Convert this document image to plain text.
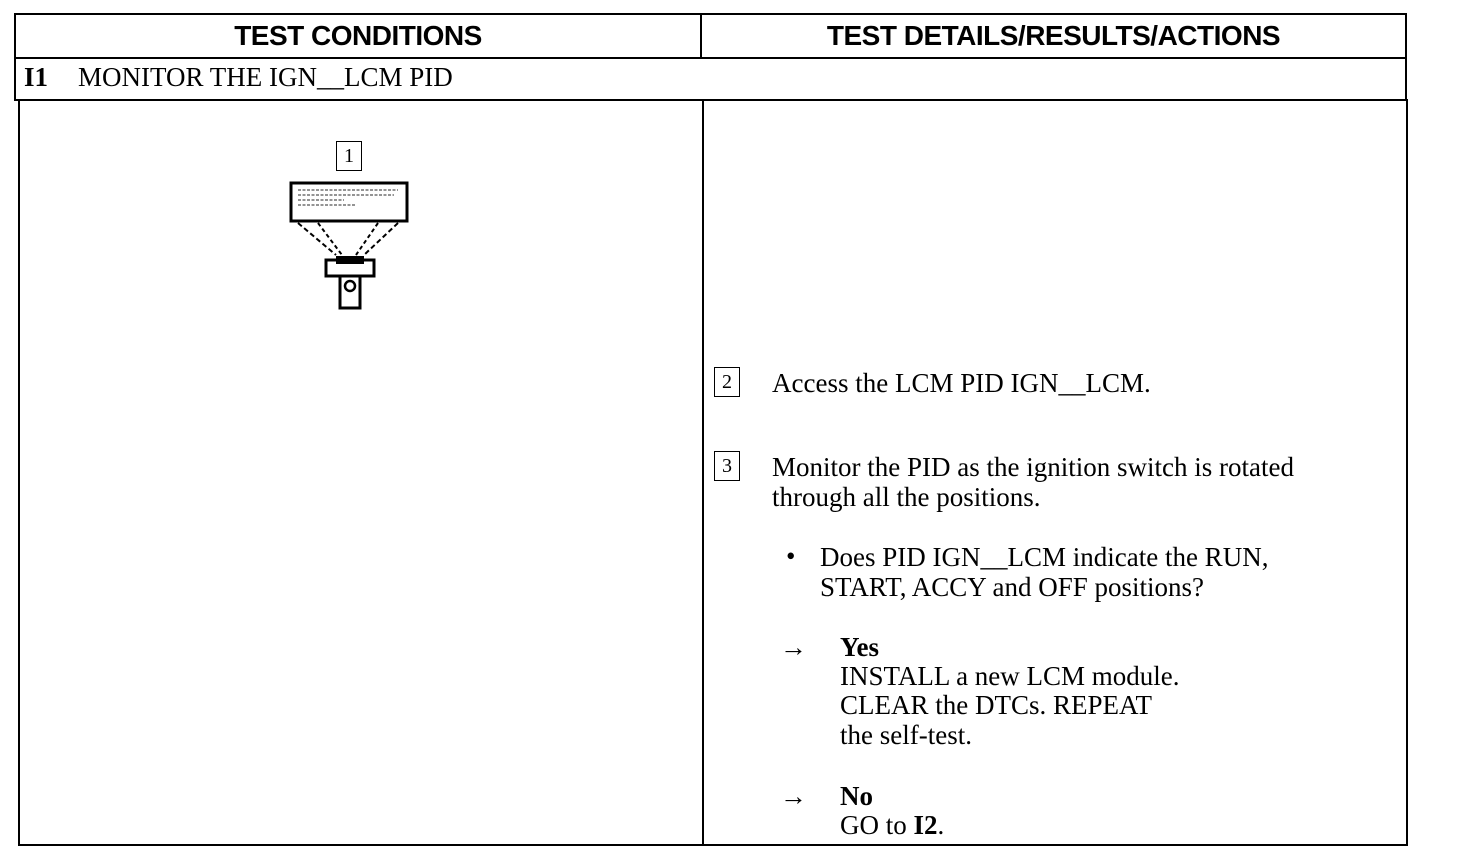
TEST CONDITIONS	TEST DETAILS/RESULTS/ACTIONS
I1 MONITOR THE IGN__LCM PID
1
2 Access the LCM PID IGN__LCM.
3 Monitor the PID as the ignition switch is rotated
through all the positions.
• Does PID IGN__LCM indicate the RUN,
START, ACCY and OFF positions?
→ Yes
INSTALL a new LCM module.
CLEAR the DTCs. REPEAT
the self-test.
→ No
GO to I2.
